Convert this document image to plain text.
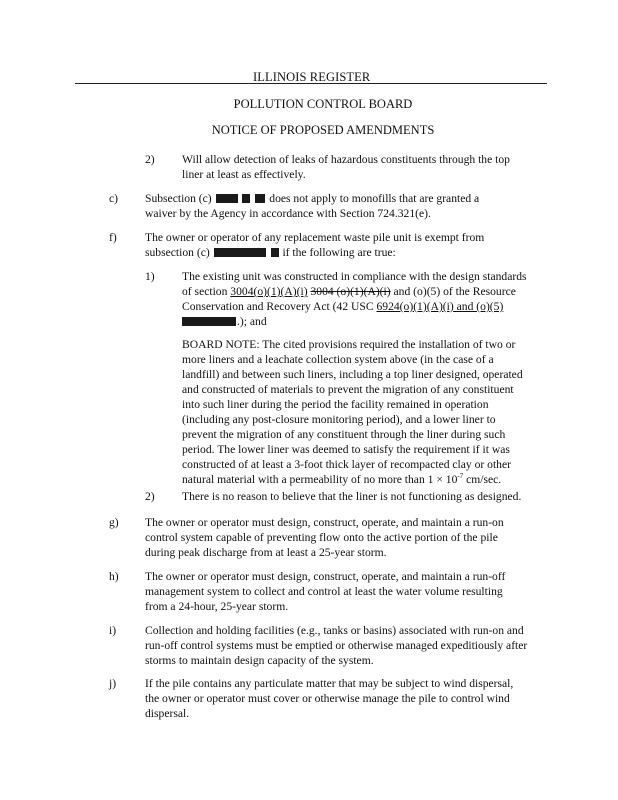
ILLINOIS REGISTER
POLLUTION CONTROL BOARD
NOTICE OF PROPOSED AMENDMENTS
2) Will allow detection of leaks of hazardous constituents through the top
liner at least as effectively.
c) Subsection (c)	does not apply to monofills that are granted a
waiver by the Agency in accordance with Section 724.321(e).
f) The owner or operator of any replacement waste pile unit is exempt from
subsection (c)	if the following are true:
1) The existing unit was constructed in compliance with the design standards
of section 3004(o)(1)(A)(i) 3004 (o)(1)(A)(i) and (o)(5) of the Resource
Conservation and Recovery Act (42 USC 6924(o)(1)(A)(i) and (o)(5)
.); and
BOARD NOTE: The cited provisions required the installation of two or
more liners and a leachate collection system above (in the case of a
landfill) and between such liners, including a top liner designed, operated
and constructed of materials to prevent the migration of any constituent
into such liner during the period the facility remained in operation
(including any post-closure monitoring period), and a lower liner to
prevent the migration of any constituent through the liner during such
period. The lower liner was deemed to satisfy the requirement if it was
constructed of at least a 3-foot thick layer of recompacted clay or other
natural material with a permeability of no more than $1 \times 10^{-7}$ cm/sec.
2) There is no reason to believe that the liner is not functioning as designed.
g) The owner or operator must design, construct, operate, and maintain a run-on
control system capable of preventing flow onto the active portion of the pile
during peak discharge from at least a 25-year storm.
h) The owner or operator must design, construct, operate, and maintain a run-off
management system to collect and control at least the water volume resulting
from a 24-hour, 25-year storm.
i) Collection and holding facilities (e.g., tanks or basins) associated with run-on and
run-off control systems must be emptied or otherwise managed expeditiously after
storms to maintain design capacity of the system.
j) If the pile contains any particulate matter that may be subject to wind dispersal,
the owner or operator must cover or otherwise manage the pile to control wind
dispersal.
